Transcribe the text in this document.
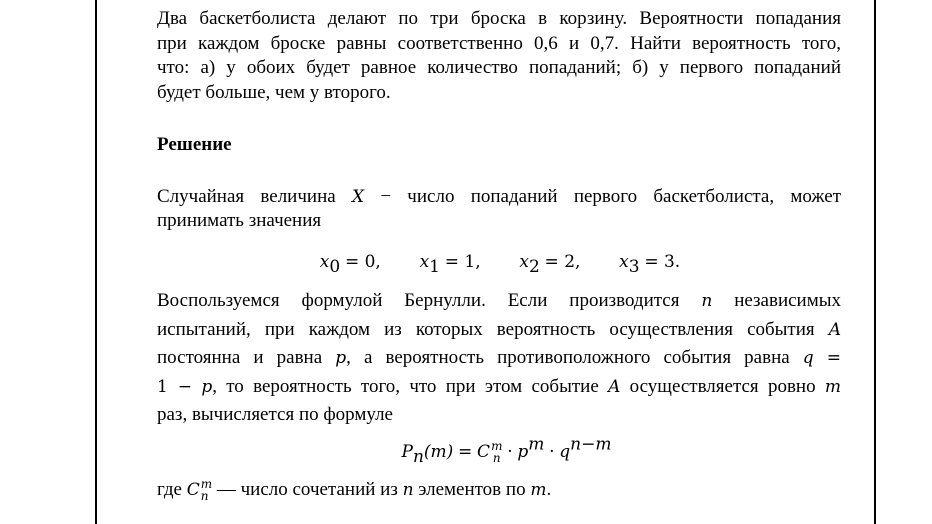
Два баскетболиста делают по три броска в корзину. Вероятности попадания
при каждом броске равны соответственно 0,6 и 0,7. Найти вероятность того,
что: а) у обоих будет равное количество попаданий; б) у первого попаданий
будет больше, чем у второго.
Решение
Случайная величина X − число попаданий первого баскетболиста, может
принимать значения
$x_0 = 0$, $x_1 = 1$, $x_2 = 2$, $x_3 = 3$.
Воспользуемся формулой Бернулли. Если производится n независимых
испытаний, при каждом из которых вероятность осуществления события A
постоянна и равна p, а вероятность противоположного события равна q =
1 − p, то вероятность того, что при этом событие A осуществляется ровно m
раз, вычисляется по формуле
$P_n(m) = C$ m
$n \cdot p^m \cdot q^{n-m}$
где C m
n — число сочетаний из n элементов по m.
